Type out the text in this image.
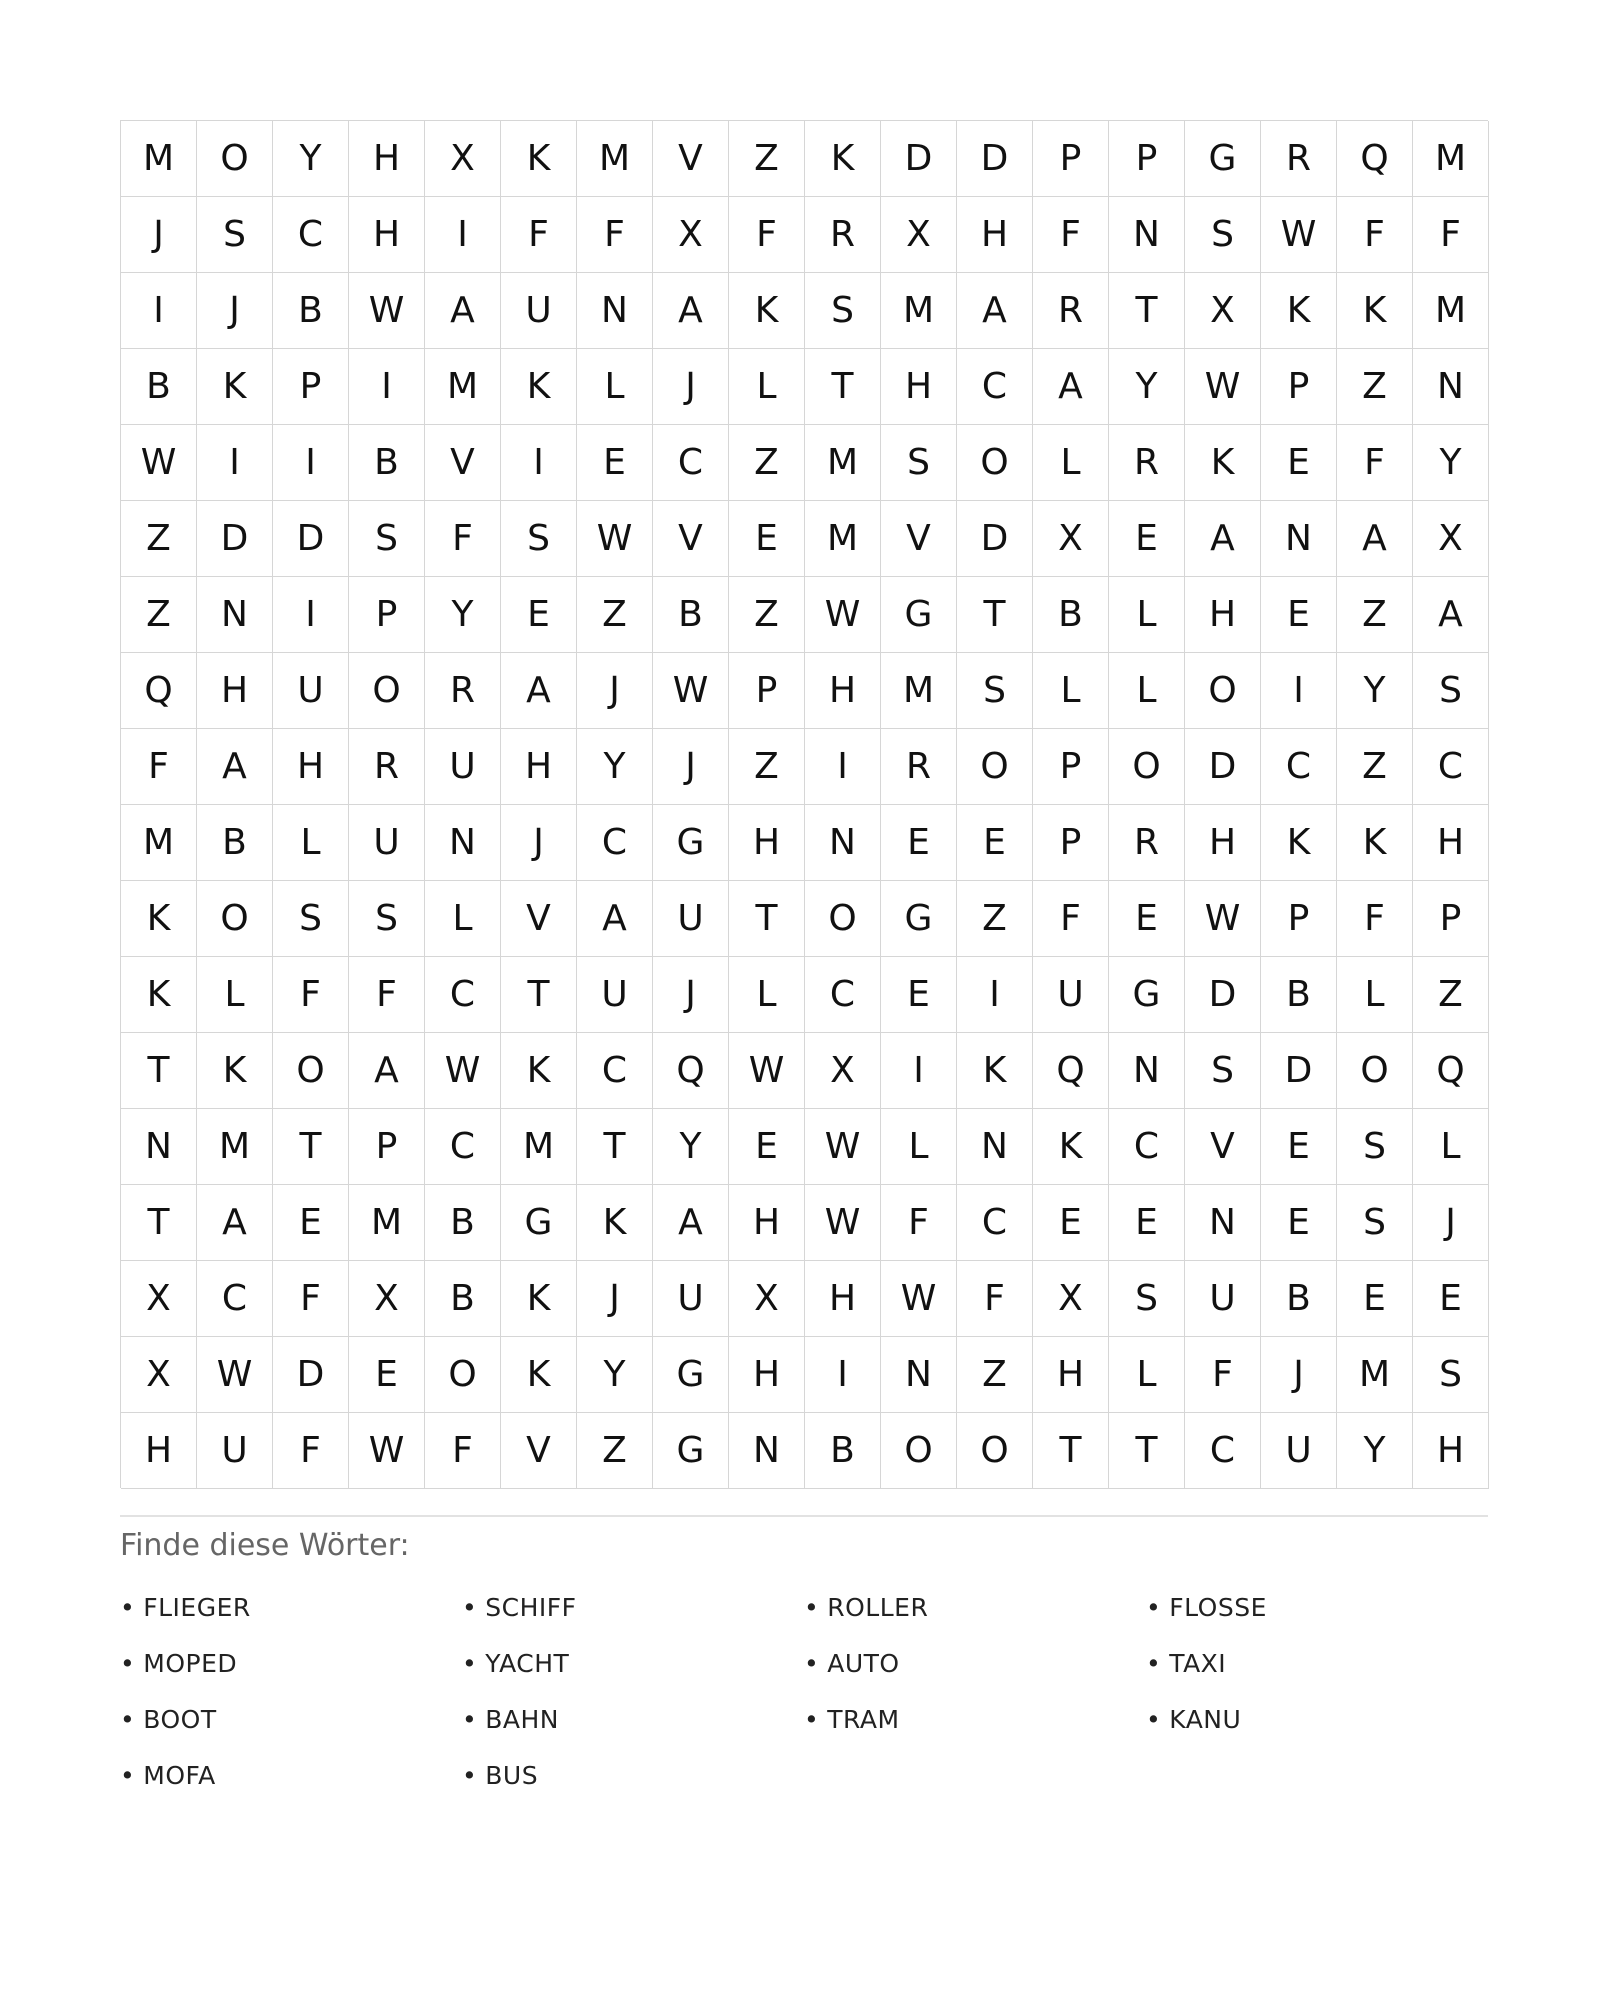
M	O	Y	H	X	K	M	V	Z	K	D	D	P	P	G	R	Q	M
J	S	C	H	I	F	F	X	F	R	X	H	F	N	S	W	F	F
I	J	B	W	A	U	N	A	K	S	M	A	R	T	X	K	K	M
B	K	P	I	M	K	L	J	L	T	H	C	A	Y	W	P	Z	N
W	I	I	B	V	I	E	C	Z	M	S	O	L	R	K	E	F	Y
Z	D	D	S	F	S	W	V	E	M	V	D	X	E	A	N	A	X
Z	N	I	P	Y	E	Z	B	Z	W	G	T	B	L	H	E	Z	A
Q	H	U	O	R	A	J	W	P	H	M	S	L	L	O	I	Y	S
F	A	H	R	U	H	Y	J	Z	I	R	O	P	O	D	C	Z	C
M	B	L	U	N	J	C	G	H	N	E	E	P	R	H	K	K	H
K	O	S	S	L	V	A	U	T	O	G	Z	F	E	W	P	F	P
K	L	F	F	C	T	U	J	L	C	E	I	U	G	D	B	L	Z
T	K	O	A	W	K	C	Q	W	X	I	K	Q	N	S	D	O	Q
N	M	T	P	C	M	T	Y	E	W	L	N	K	C	V	E	S	L
T	A	E	M	B	G	K	A	H	W	F	C	E	E	N	E	S	J
X	C	F	X	B	K	J	U	X	H	W	F	X	S	U	B	E	E
X	W	D	E	O	K	Y	G	H	I	N	Z	H	L	F	J	M	S
H	U	F	W	F	V	Z	G	N	B	O	O	T	T	C	U	Y	H
Finde diese Wörter:
• FLIEGER	• SCHIFF	• ROLLER	• FLOSSE
• MOPED	• YACHT	• AUTO	• TAXI
• BOOT	• BAHN	• TRAM	• KANU
• MOFA	• BUS
